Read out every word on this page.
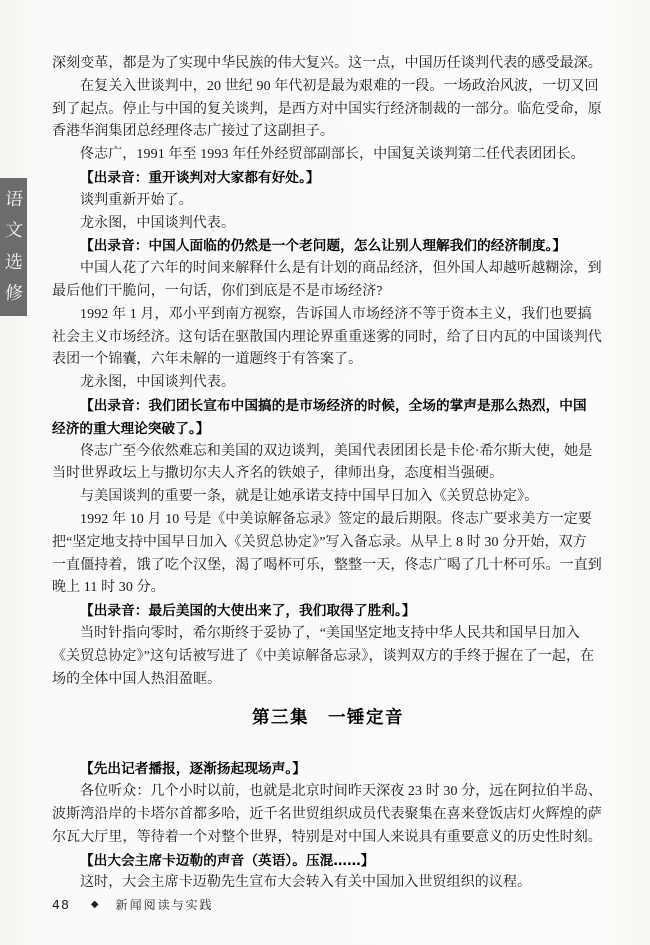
语
文
选
修
深刻变革，都是为了实现中华民族的伟大复兴。这一点，中国历任谈判代表的感受最深。
在复关入世谈判中，20 世纪 90 年代初是最为艰难的一段。一场政治风波，一切又回
到了起点。停止与中国的复关谈判，是西方对中国实行经济制裁的一部分。临危受命，原
香港华润集团总经理佟志广接过了这副担子。
佟志广，1991 年至 1993 年任外经贸部副部长，中国复关谈判第二任代表团团长。
【出录音：重开谈判对大家都有好处。】
谈判重新开始了。
龙永图，中国谈判代表。
【出录音：中国人面临的仍然是一个老问题，怎么让别人理解我们的经济制度。】
中国人花了六年的时间来解释什么是有计划的商品经济，但外国人却越听越糊涂，到
最后他们干脆问，一句话，你们到底是不是市场经济?
1992 年 1 月，邓小平到南方视察，告诉国人市场经济不等于资本主义，我们也要搞
社会主义市场经济。这句话在驱散国内理论界重重迷雾的同时，给了日内瓦的中国谈判代
表团一个锦囊，六年未解的一道题终于有答案了。
龙永图，中国谈判代表。
【出录音：我们团长宣布中国搞的是市场经济的时候，全场的掌声是那么热烈，中国
经济的重大理论突破了。】
佟志广至今依然难忘和美国的双边谈判，美国代表团团长是卡伦·希尔斯大使，她是
当时世界政坛上与撒切尔夫人齐名的铁娘子，律师出身，态度相当强硬。
与美国谈判的重要一条，就是让她承诺支持中国早日加入《关贸总协定》。
1992 年 10 月 10 号是《中美谅解备忘录》签定的最后期限。佟志广要求美方一定要
把“坚定地支持中国早日加入《关贸总协定》”写入备忘录。从早上 8 时 30 分开始，双方
一直僵持着，饿了吃个汉堡，渴了喝杯可乐，整整一天，佟志广喝了几十杯可乐。一直到
晚上 11 时 30 分。
【出录音：最后美国的大使出来了，我们取得了胜利。】
当时针指向零时，希尔斯终于妥协了，“美国坚定地支持中华人民共和国早日加入
《关贸总协定》”这句话被写进了《中美谅解备忘录》，谈判双方的手终于握在了一起，在
场的全体中国人热泪盈眶。
第三集　一锤定音
【先出记者播报，逐渐扬起现场声。】
各位听众：几个小时以前，也就是北京时间昨天深夜 23 时 30 分，远在阿拉伯半岛、
波斯湾沿岸的卡塔尔首都多哈，近千名世贸组织成员代表聚集在喜来登饭店灯火辉煌的萨
尔瓦大厅里，等待着一个对整个世界，特别是对中国人来说具有重要意义的历史性时刻。
【出大会主席卡迈勒的声音（英语）。压混……】
这时，大会主席卡迈勒先生宣布大会转入有关中国加入世贸组织的议程。
48 ◆ 新闻阅读与实践
